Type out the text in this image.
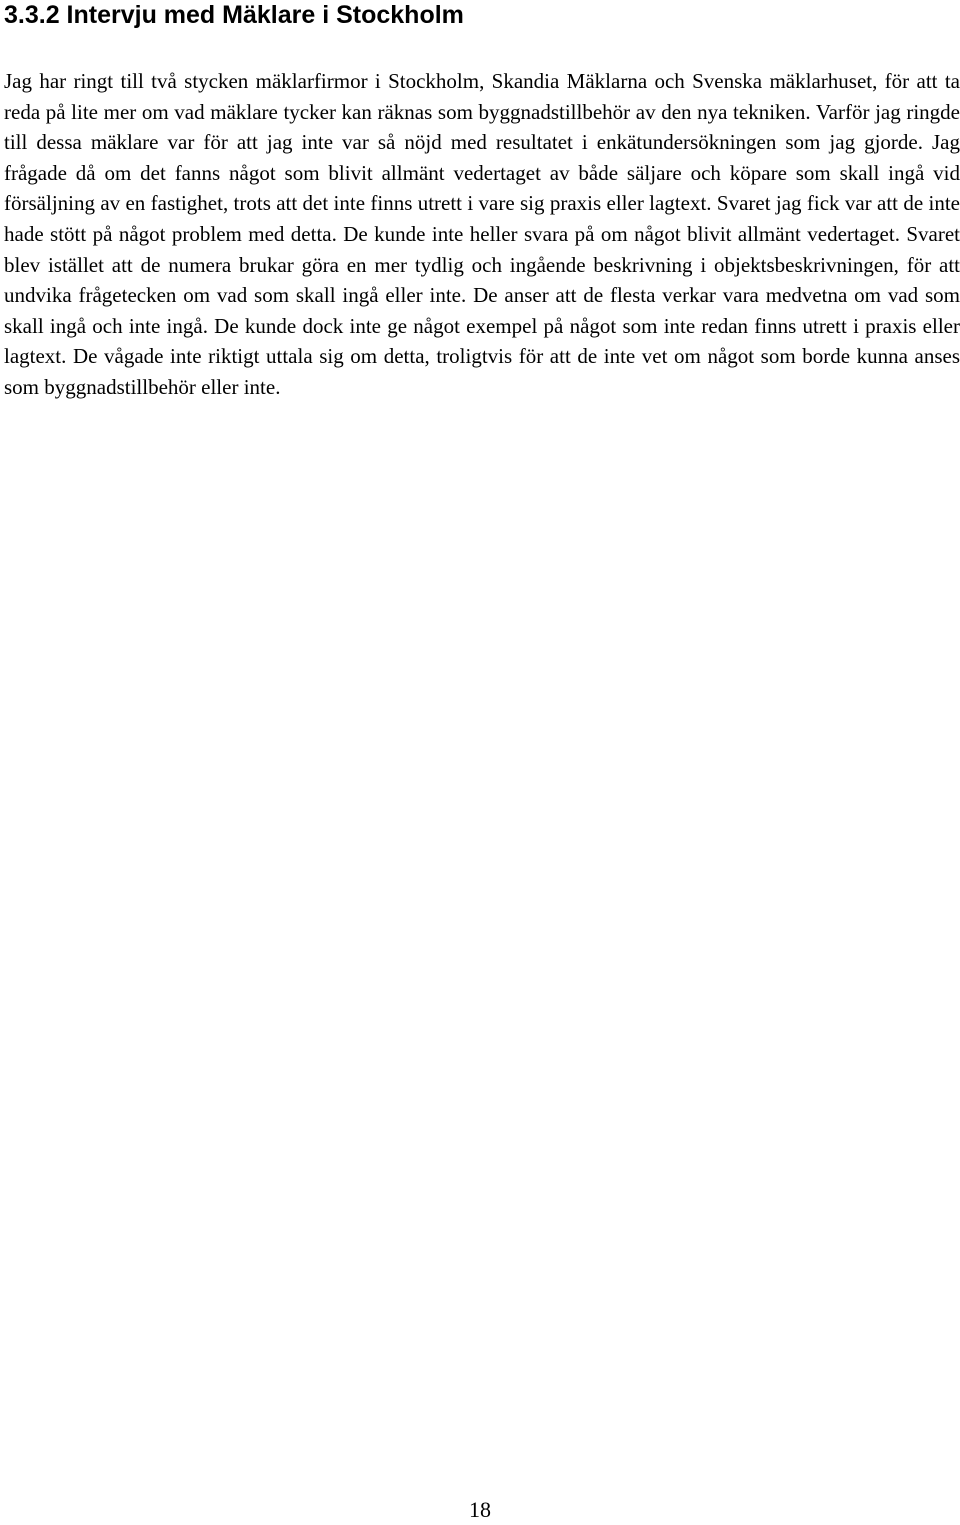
3.3.2 Intervju med Mäklare i Stockholm

Jag har ringt till två stycken mäklarfirmor i Stockholm, Skandia Mäklarna och Svenska mäklarhuset, för att ta reda på lite mer om vad mäklare tycker kan räknas som byggnadstillbehör av den nya tekniken. Varför jag ringde till dessa mäklare var för att jag inte var så nöjd med resultatet i enkätundersökningen som jag gjorde. Jag frågade då om det fanns något som blivit allmänt vedertaget av både säljare och köpare som skall ingå vid försäljning av en fastighet, trots att det inte finns utrett i vare sig praxis eller lagtext. Svaret jag fick var att de inte hade stött på något problem med detta. De kunde inte heller svara på om något blivit allmänt vedertaget. Svaret blev istället att de numera brukar göra en mer tydlig och ingående beskrivning i objektsbeskrivningen, för att undvika frågetecken om vad som skall ingå eller inte. De anser att de flesta verkar vara medvetna om vad som skall ingå och inte ingå. De kunde dock inte ge något exempel på något som inte redan finns utrett i praxis eller lagtext. De vågade inte riktigt uttala sig om detta, troligtvis för att de inte vet om något som borde kunna anses som byggnadstillbehör eller inte.

18
